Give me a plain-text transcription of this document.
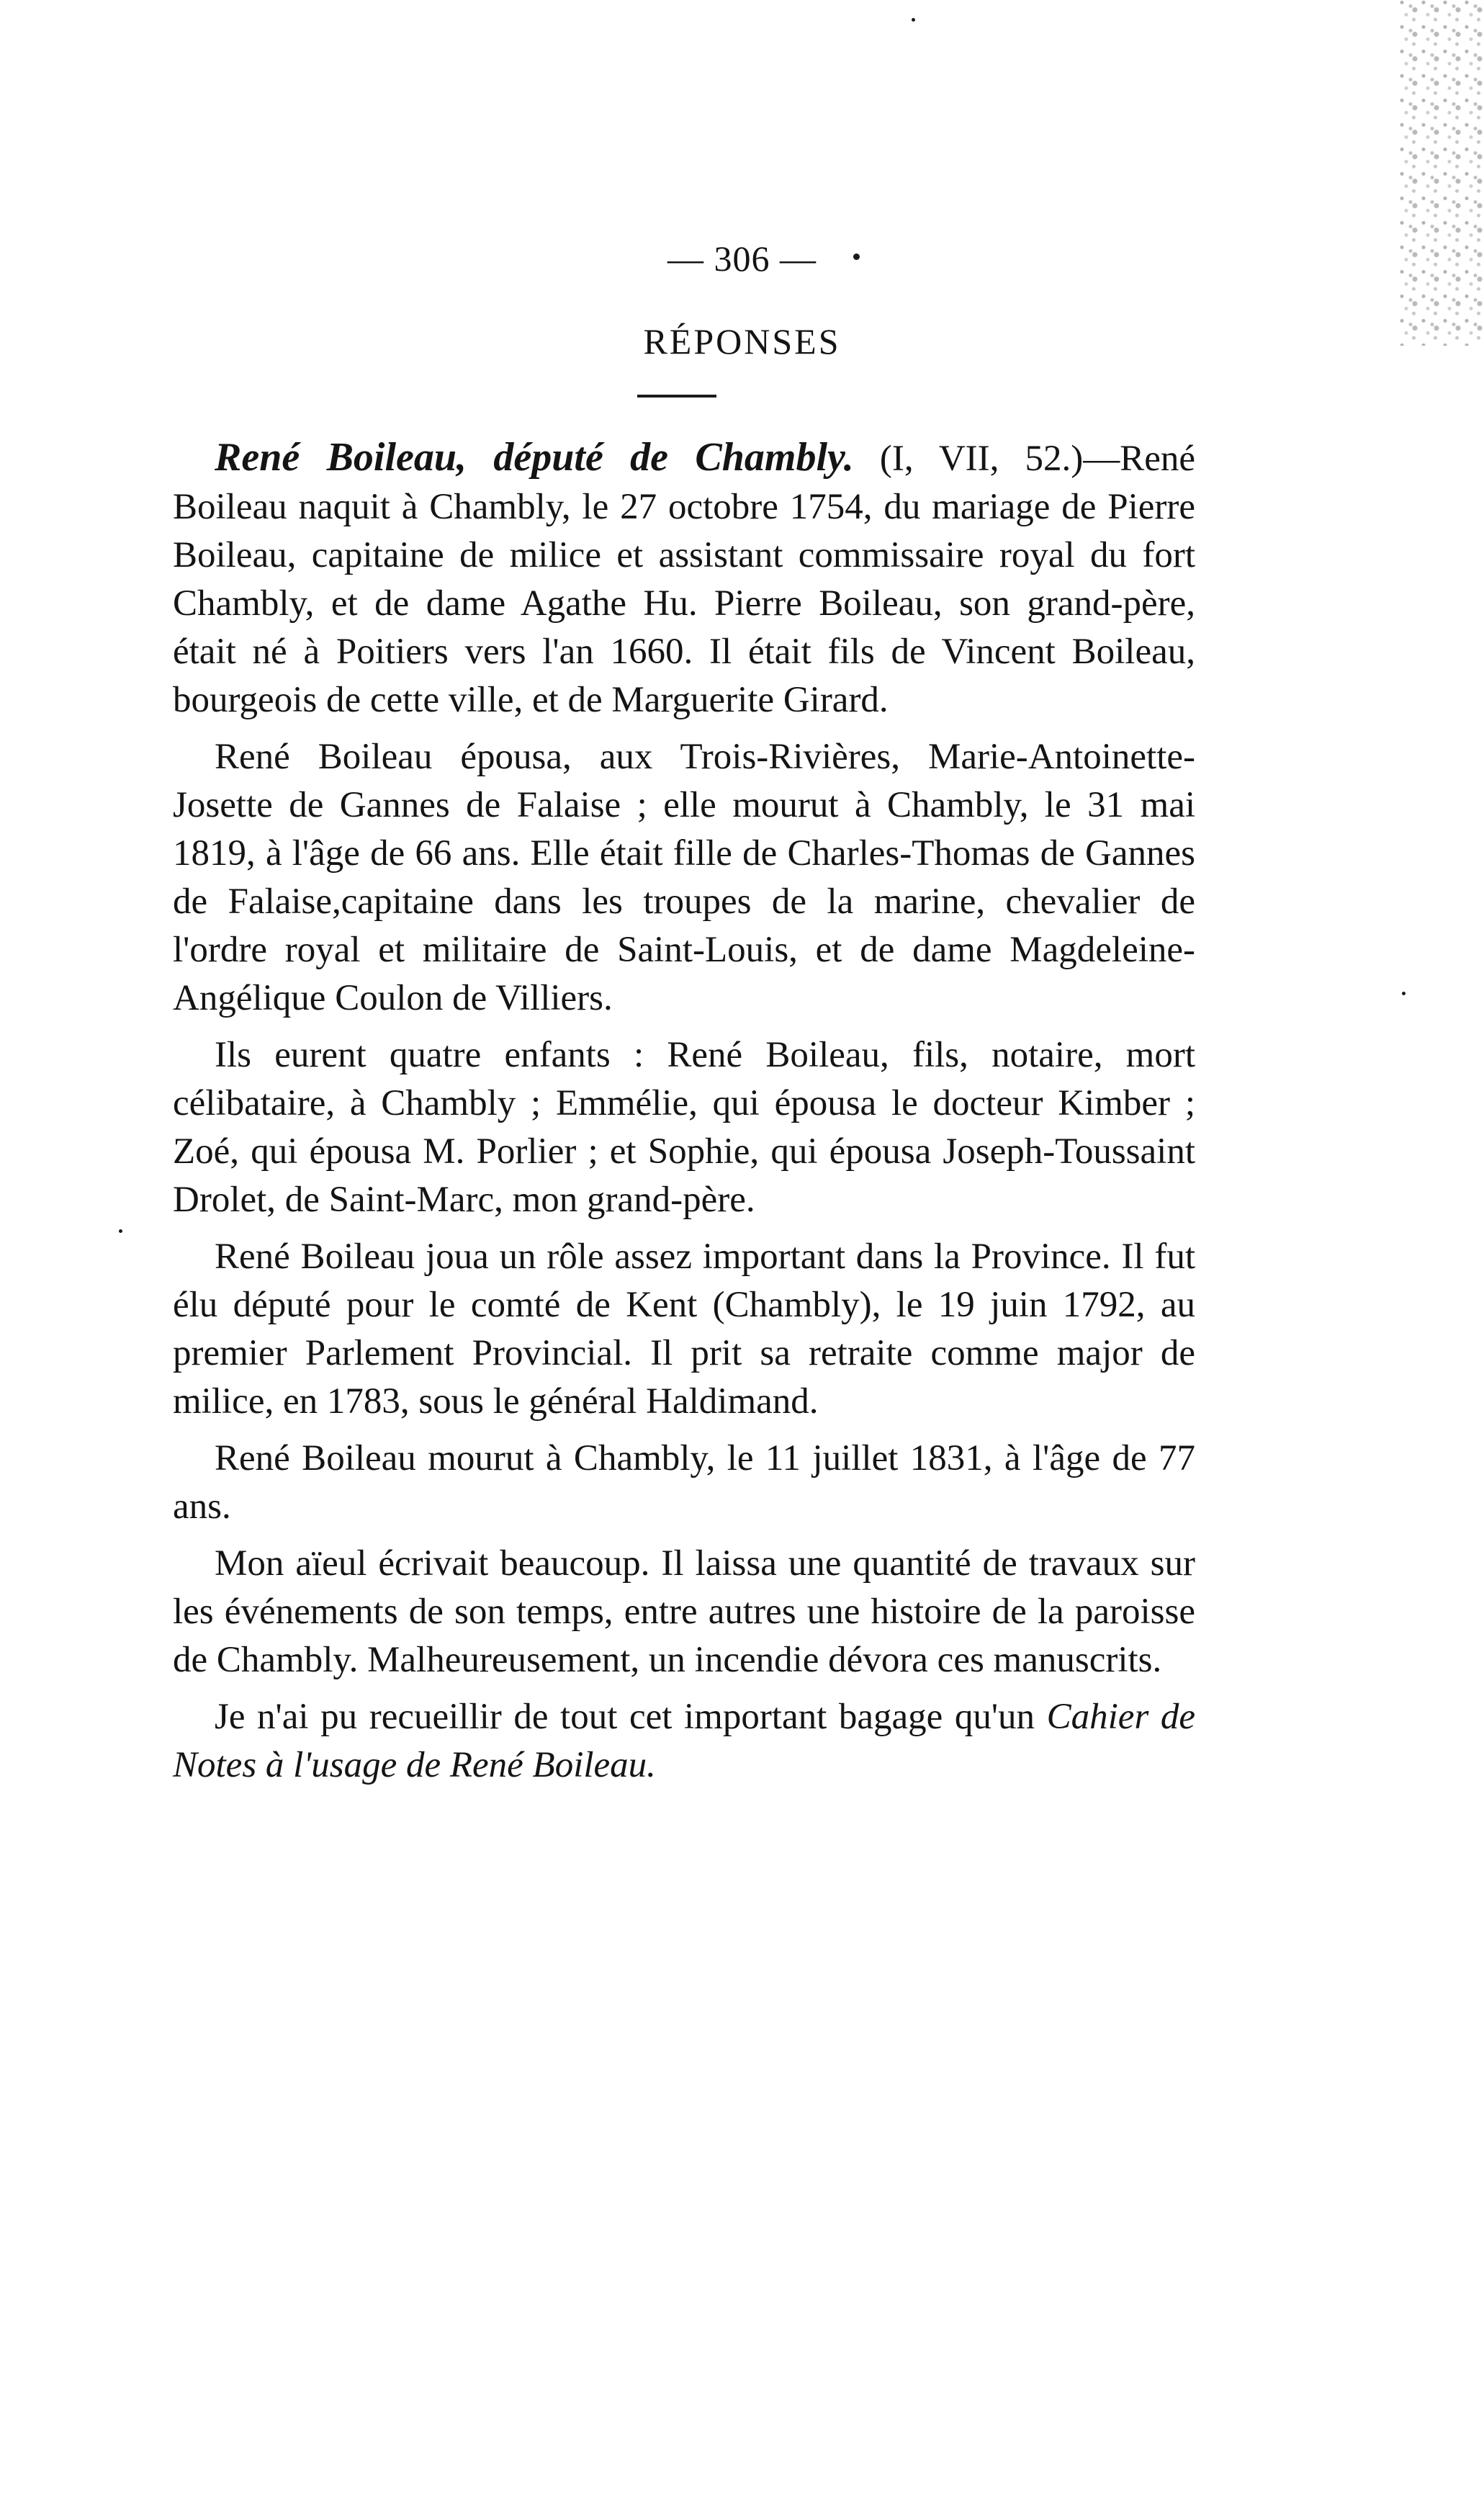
— 306 —
RÉPONSES

René Boileau, député de Chambly. (I, VII, 52.)—René Boileau naquit à Chambly, le 27 octobre 1754, du mariage de Pierre Boileau, capitaine de milice et assistant commissaire royal du fort Chambly, et de dame Agathe Hu. Pierre Boileau, son grand-père, était né à Poitiers vers l'an 1660. Il était fils de Vincent Boileau, bourgeois de cette ville, et de Marguerite Girard.

René Boileau épousa, aux Trois-Rivières, Marie-Antoinette-Josette de Gannes de Falaise ; elle mourut à Chambly, le 31 mai 1819, à l'âge de 66 ans. Elle était fille de Charles-Thomas de Gannes de Falaise,capitaine dans les troupes de la marine, chevalier de l'ordre royal et militaire de Saint-Louis, et de dame Magdeleine-Angélique Coulon de Villiers.

Ils eurent quatre enfants : René Boileau, fils, notaire, mort célibataire, à Chambly ; Emmélie, qui épousa le docteur Kimber ; Zoé, qui épousa M. Porlier ; et Sophie, qui épousa Joseph-Toussaint Drolet, de Saint-Marc, mon grand-père.

René Boileau joua un rôle assez important dans la Province. Il fut élu député pour le comté de Kent (Chambly), le 19 juin 1792, au premier Parlement Provincial. Il prit sa retraite comme major de milice, en 1783, sous le général Haldimand.

René Boileau mourut à Chambly, le 11 juillet 1831, à l'âge de 77 ans.

Mon aïeul écrivait beaucoup. Il laissa une quantité de travaux sur les événements de son temps, entre autres une histoire de la paroisse de Chambly. Malheureusement, un incendie dévora ces manuscrits.

Je n'ai pu recueillir de tout cet important bagage qu'un Cahier de Notes à l'usage de René Boileau.
